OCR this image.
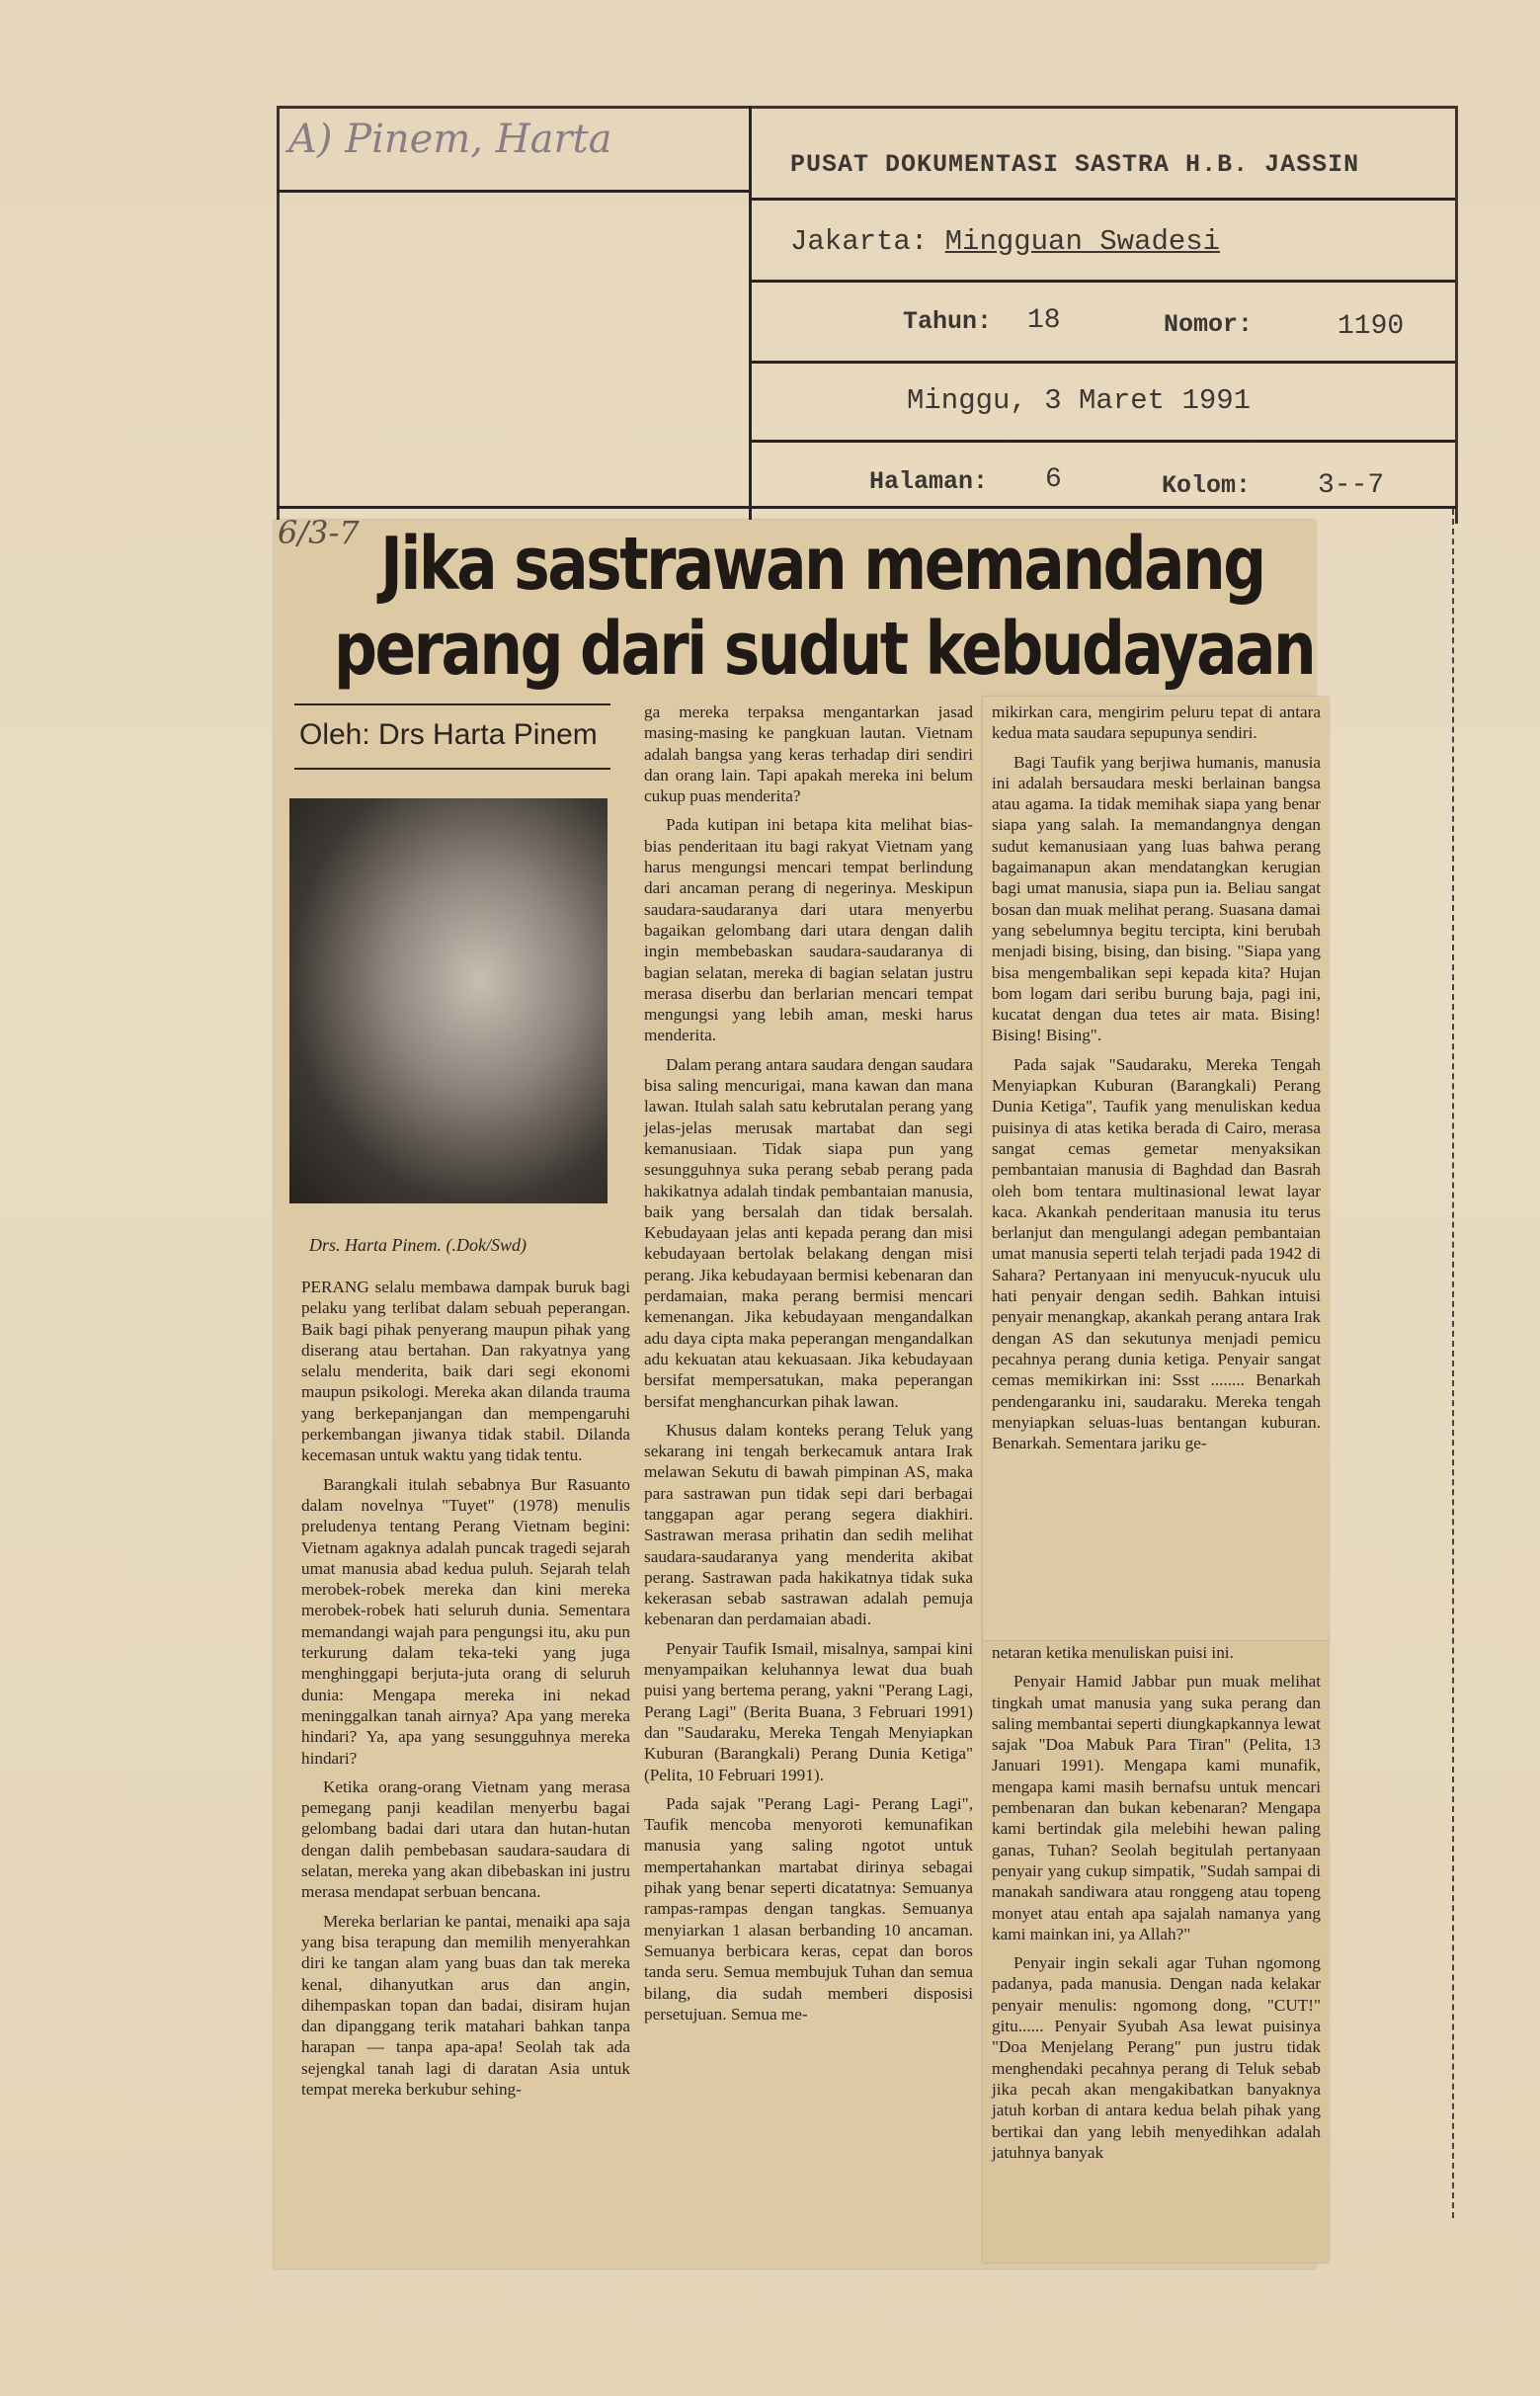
A) Pinem, Harta
PUSAT DOKUMENTASI SASTRA H.B. JASSIN
Jakarta: Mingguan Swadesi
Tahun: 18	Nomor:	1190
Minggu, 3 Maret 1991
Halaman: 6	Kolom: 3--7
6/3-7 Jika sastrawan memandang
perang dari sudut kebudayaan
Oleh: Drs Harta Pinem
Drs. Harta Pinem. (.Dok/Swd)

PERANG selalu membawa dampak buruk bagi pelaku yang terlibat dalam sebuah peperangan. Baik bagi pihak penyerang maupun pihak yang diserang atau bertahan. Dan rakyatnya yang selalu menderita, baik dari segi ekonomi maupun psikologi. Mereka akan dilanda trauma yang berkepanjangan dan mempengaruhi perkembangan jiwanya tidak stabil. Dilanda kecemasan untuk waktu yang tidak tentu.

Barangkali itulah sebabnya Bur Rasuanto dalam novelnya "Tuyet" (1978) menulis preludenya tentang Perang Vietnam begini: Vietnam agaknya adalah puncak tragedi sejarah umat manusia abad kedua puluh. Sejarah telah merobek-robek mereka dan kini mereka merobek-robek hati seluruh dunia. Sementara memandangi wajah para pengungsi itu, aku pun terkurung dalam teka-teki yang juga menghinggapi berjuta-juta orang di seluruh dunia: Mengapa mereka ini nekad meninggalkan tanah airnya? Apa yang mereka hindari? Ya, apa yang sesungguhnya mereka hindari?

Ketika orang-orang Vietnam yang merasa pemegang panji keadilan menyerbu bagai gelombang badai dari utara dan hutan-hutan dengan dalih pembebasan saudara-saudara di selatan, mereka yang akan dibebaskan ini justru merasa mendapat serbuan bencana.

Mereka berlarian ke pantai, menaiki apa saja yang bisa terapung dan memilih menyerahkan diri ke tangan alam yang buas dan tak mereka kenal, dihanyutkan arus dan angin, dihempaskan topan dan badai, disiram hujan dan dipanggang terik matahari bahkan tanpa harapan — tanpa apa-apa! Seolah tak ada sejengkal tanah lagi di daratan Asia untuk tempat mereka berkubur sehing-

ga mereka terpaksa mengantarkan jasad masing-masing ke pangkuan lautan. Vietnam adalah bangsa yang keras terhadap diri sendiri dan orang lain. Tapi apakah mereka ini belum cukup puas menderita?

Pada kutipan ini betapa kita melihat bias-bias penderitaan itu bagi rakyat Vietnam yang harus mengungsi mencari tempat berlindung dari ancaman perang di negerinya. Meskipun saudara-saudaranya dari utara menyerbu bagaikan gelombang dari utara dengan dalih ingin membebaskan saudara-saudaranya di bagian selatan, mereka di bagian selatan justru merasa diserbu dan berlarian mencari tempat mengungsi yang lebih aman, meski harus menderita.

Dalam perang antara saudara dengan saudara bisa saling mencurigai, mana kawan dan mana lawan. Itulah salah satu kebrutalan perang yang jelas-jelas merusak martabat dan segi kemanusiaan. Tidak siapa pun yang sesungguhnya suka perang sebab perang pada hakikatnya adalah tindak pembantaian manusia, baik yang bersalah dan tidak bersalah. Kebudayaan jelas anti kepada perang dan misi kebudayaan bertolak belakang dengan misi perang. Jika kebudayaan bermisi kebenaran dan perdamaian, maka perang bermisi mencari kemenangan. Jika kebudayaan mengandalkan adu daya cipta maka peperangan mengandalkan adu kekuatan atau kekuasaan. Jika kebudayaan bersifat mempersatukan, maka peperangan bersifat menghancurkan pihak lawan.

Khusus dalam konteks perang Teluk yang sekarang ini tengah berkecamuk antara Irak melawan Sekutu di bawah pimpinan AS, maka para sastrawan pun tidak sepi dari berbagai tanggapan agar perang segera diakhiri. Sastrawan merasa prihatin dan sedih melihat saudara-saudaranya yang menderita akibat perang. Sastrawan pada hakikatnya tidak suka kekerasan sebab sastrawan adalah pemuja kebenaran dan perdamaian abadi.

Penyair Taufik Ismail, misalnya, sampai kini menyampaikan keluhannya lewat dua buah puisi yang bertema perang, yakni "Perang Lagi, Perang Lagi" (Berita Buana, 3 Februari 1991) dan "Saudaraku, Mereka Tengah Menyiapkan Kuburan (Barangkali) Perang Dunia Ketiga" (Pelita, 10 Februari 1991).

Pada sajak "Perang Lagi- Perang Lagi", Taufik mencoba menyoroti kemunafikan manusia yang saling ngotot untuk mempertahankan martabat dirinya sebagai pihak yang benar seperti dicatatnya: Semuanya rampas-rampas dengan tangkas. Semuanya menyiarkan 1 alasan berbanding 10 ancaman. Semuanya berbicara keras, cepat dan boros tanda seru. Semua membujuk Tuhan dan semua bilang, dia sudah memberi disposisi persetujuan. Semua me-

mikirkan cara, mengirim peluru tepat di antara kedua mata saudara sepupunya sendiri.

Bagi Taufik yang berjiwa humanis, manusia ini adalah bersaudara meski berlainan bangsa atau agama. Ia tidak memihak siapa yang benar siapa yang salah. Ia memandangnya dengan sudut kemanusiaan yang luas bahwa perang bagaimanapun akan mendatangkan kerugian bagi umat manusia, siapa pun ia. Beliau sangat bosan dan muak melihat perang. Suasana damai yang sebelumnya begitu tercipta, kini berubah menjadi bising, bising, dan bising. "Siapa yang bisa mengembalikan sepi kepada kita? Hujan bom logam dari seribu burung baja, pagi ini, kucatat dengan dua tetes air mata. Bising! Bising! Bising".

Pada sajak "Saudaraku, Mereka Tengah Menyiapkan Kuburan (Barangkali) Perang Dunia Ketiga", Taufik yang menuliskan kedua puisinya di atas ketika berada di Cairo, merasa sangat cemas gemetar menyaksikan pembantaian manusia di Baghdad dan Basrah oleh bom tentara multinasional lewat layar kaca. Akankah penderitaan manusia itu terus berlanjut dan mengulangi adegan pembantaian umat manusia seperti telah terjadi pada 1942 di Sahara? Pertanyaan ini menyucuk-nyucuk ulu hati penyair dengan sedih. Bahkan intuisi penyair menangkap, akankah perang antara Irak dengan AS dan sekutunya menjadi pemicu pecahnya perang dunia ketiga. Penyair sangat cemas memikirkan ini: Ssst ........ Benarkah pendengaranku ini, saudaraku. Mereka tengah menyiapkan seluas-luas bentangan kuburan. Benarkah. Sementara jariku ge-

netaran ketika menuliskan puisi ini.

Penyair Hamid Jabbar pun muak melihat tingkah umat manusia yang suka perang dan saling membantai seperti diungkapkannya lewat sajak "Doa Mabuk Para Tiran" (Pelita, 13 Januari 1991). Mengapa kami munafik, mengapa kami masih bernafsu untuk mencari pembenaran dan bukan kebenaran? Mengapa kami bertindak gila melebihi hewan paling ganas, Tuhan? Seolah begitulah pertanyaan penyair yang cukup simpatik, "Sudah sampai di manakah sandiwara atau ronggeng atau topeng monyet atau entah apa sajalah namanya yang kami mainkan ini, ya Allah?"

Penyair ingin sekali agar Tuhan ngomong padanya, pada manusia. Dengan nada kelakar penyair menulis: ngomong dong, "CUT!" gitu...... Penyair Syubah Asa lewat puisinya "Doa Menjelang Perang" pun justru tidak menghendaki pecahnya perang di Teluk sebab jika pecah akan mengakibatkan banyaknya jatuh korban di antara kedua belah pihak yang bertikai dan yang lebih menyedihkan adalah jatuhnya banyak
